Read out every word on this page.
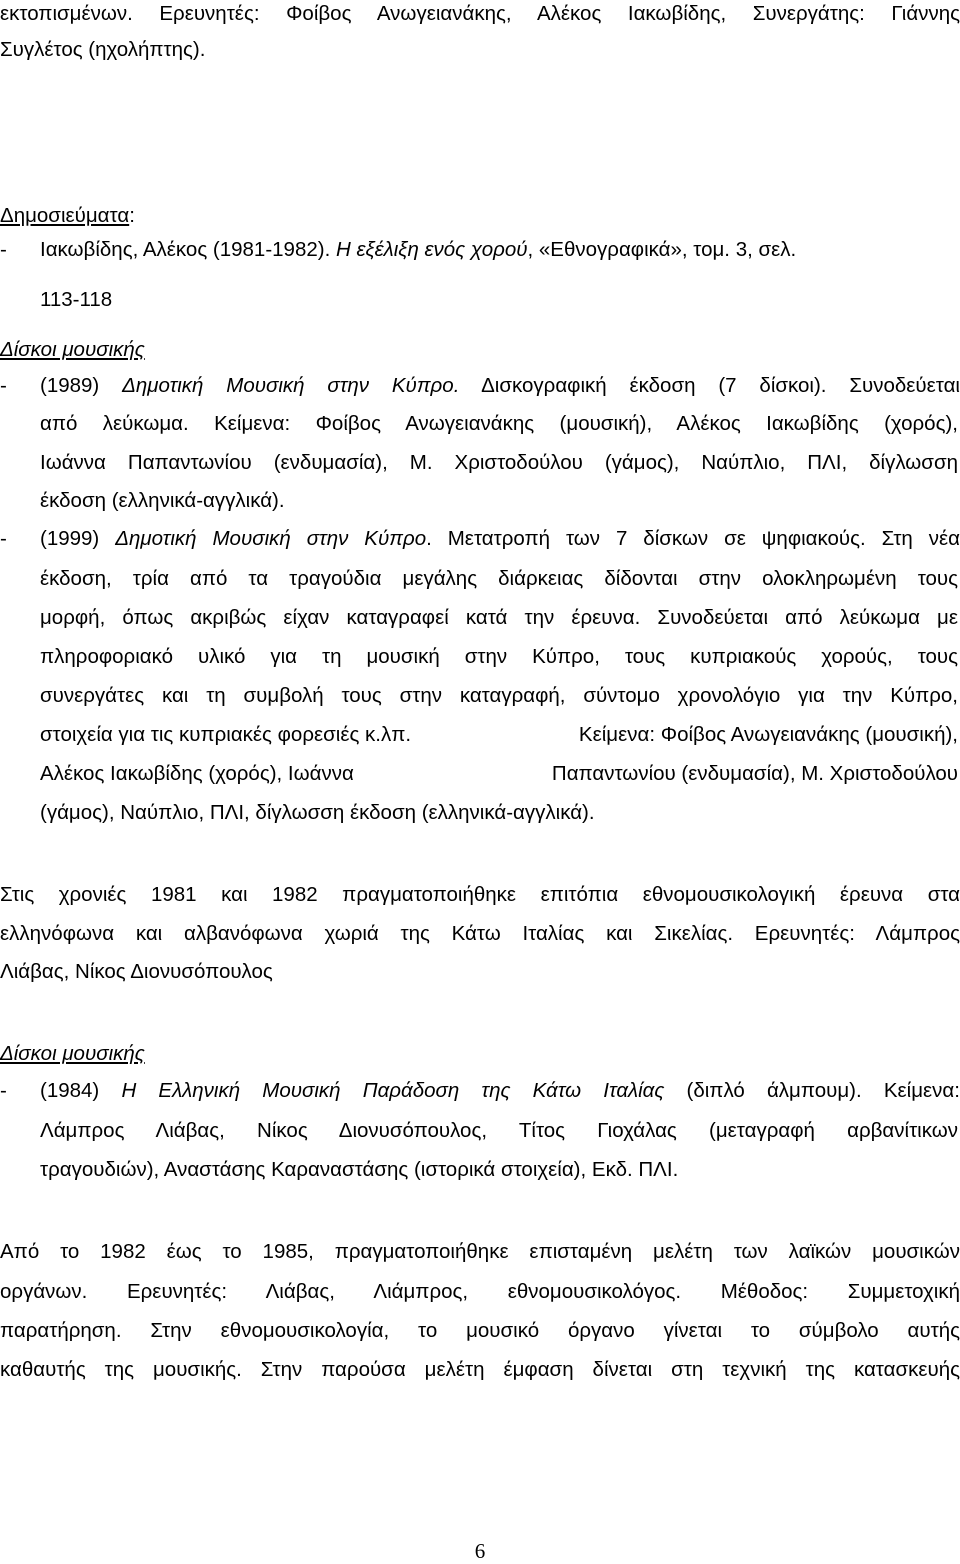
εκτοπισμένων. Ερευνητές: Φοίβος Ανωγειανάκης, Αλέκος Ιακωβίδης, Συνεργάτης: Γιάννης
Συγλέτος (ηχολήπτης).
Δημοσιεύματα:
-	Ιακωβίδης, Αλέκος (1981-1982). Η εξέλιξη ενός χορού, «Εθνογραφικά», τομ. 3, σελ.
113-118
Δίσκοι μουσικής
- (1989) Δημοτική Μουσική στην Κύπρο. Δισκογραφική έκδοση (7 δίσκοι). Συνοδεύεται
από λεύκωμα. Κείμενα: Φοίβος Ανωγειανάκης (μουσική), Αλέκος Ιακωβίδης (χορός),
Ιωάννα Παπαντωνίου (ενδυμασία), Μ. Χριστοδούλου (γάμος), Ναύπλιο, ΠΛΙ, δίγλωσση
έκδοση (ελληνικά-αγγλικά).
- (1999) Δημοτική Μουσική στην Κύπρο. Μετατροπή των 7 δίσκων σε ψηφιακούς. Στη νέα
έκδοση, τρία από τα τραγούδια μεγάλης διάρκειας δίδονται στην ολοκληρωμένη τους
μορφή, όπως ακριβώς είχαν καταγραφεί κατά την έρευνα. Συνοδεύεται από λεύκωμα με
πληροφοριακό υλικό για τη μουσική στην Κύπρο, τους κυπριακούς χορούς, τους
συνεργάτες και τη συμβολή τους στην καταγραφή, σύντομο χρονολόγιο για την Κύπρο,
στοιχεία για τις κυπριακές φορεσιές κ.λπ.	Κείμενα: Φοίβος Ανωγειανάκης (μουσική),
Αλέκος Ιακωβίδης (χορός), Ιωάννα	Παπαντωνίου (ενδυμασία), Μ. Χριστοδούλου
(γάμος), Ναύπλιο, ΠΛΙ, δίγλωσση έκδοση (ελληνικά-αγγλικά).
Στις χρονιές 1981 και 1982 πραγματοποιήθηκε επιτόπια εθνομουσικολογική έρευνα στα
ελληνόφωνα και αλβανόφωνα χωριά της Κάτω Ιταλίας και Σικελίας. Ερευνητές: Λάμπρος
Λιάβας, Νίκος Διονυσόπουλος
Δίσκοι μουσικής
- (1984) Η Ελληνική Μουσική Παράδοση της Κάτω Ιταλίας (διπλό άλμπουμ). Κείμενα:
Λάμπρος Λιάβας, Νίκος Διονυσόπουλος, Τίτος Γιοχάλας (μεταγραφή αρβανίτικων
τραγουδιών), Αναστάσης Καραναστάσης (ιστορικά στοιχεία), Εκδ. ΠΛΙ.
Από το 1982 έως το 1985, πραγματοποιήθηκε επισταμένη μελέτη των λαϊκών μουσικών
οργάνων. Ερευνητές: Λιάβας, Λιάμπρος, εθνομουσικολόγος. Μέθοδος: Συμμετοχική
παρατήρηση. Στην εθνομουσικολογία, το μουσικό όργανο γίνεται το σύμβολο αυτής
καθαυτής της μουσικής. Στην παρούσα μελέτη έμφαση δίνεται στη τεχνική της κατασκευής
6
